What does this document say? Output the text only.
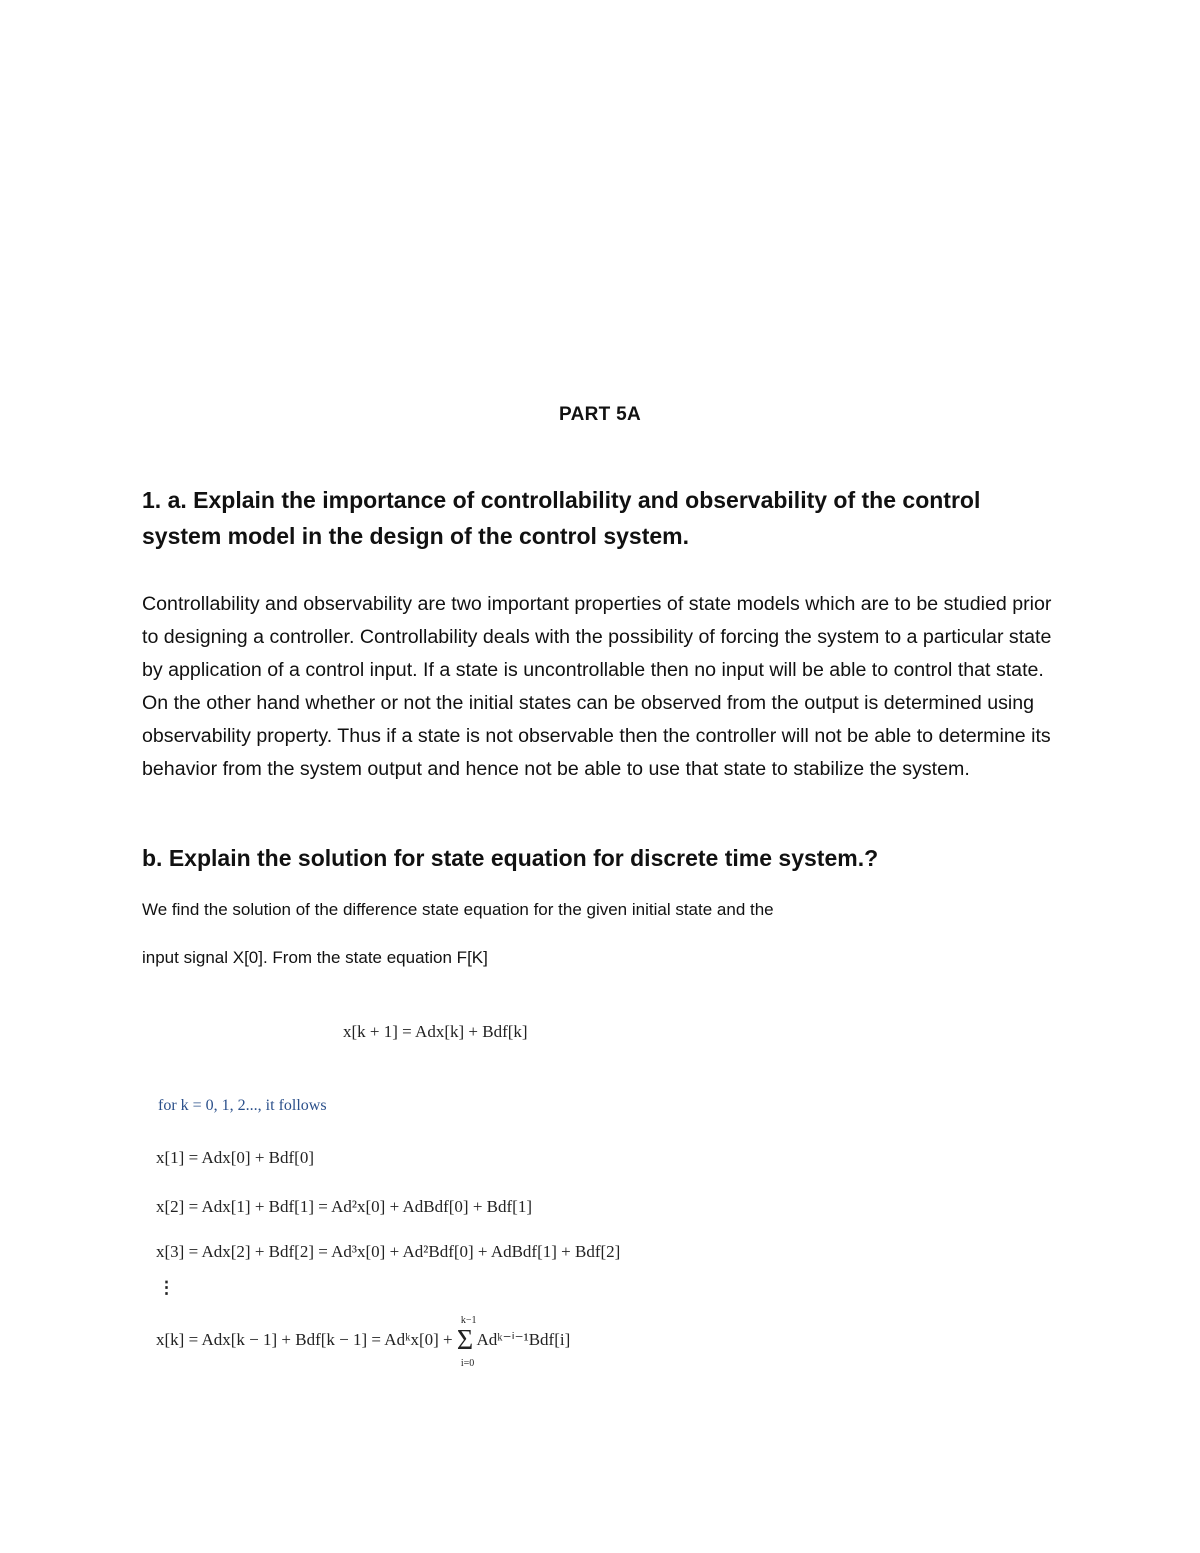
PART 5A
1. a. Explain the importance of controllability and observability of the control system model in the design of the control system.
Controllability and observability are two important properties of state models which are to be studied prior to designing a controller. Controllability deals with the possibility of forcing the system to a particular state by application of a control input. If a state is uncontrollable then no input will be able to control that state. On the other hand whether or not the initial states can be observed from the output is determined using observability property. Thus if a state is not observable then the controller will not be able to determine its behavior from the system output and hence not be able to use that state to stabilize the system.
b. Explain the solution for state equation for discrete time system.?
We find the solution of the difference state equation for the given initial state and the
input signal X[0]. From the state equation F[K]
x[k + 1] = Adx[k] + Bdf[k]
for k = 0, 1, 2..., it follows
x[1] = Adx[0] + Bdf[0]
x[2] = Adx[1] + Bdf[1] = Ad²x[0] + AdBdf[0] + Bdf[1]
x[3] = Adx[2] + Bdf[2] = Ad³x[0] + Ad²Bdf[0] + AdBdf[1] + Bdf[2]
⋮
x[k] = Adx[k − 1] + Bdf[k − 1] = Adᵏx[0] +
k−1
Σ
i=0
Adᵏ⁻ⁱ⁻¹Bdf[i]
